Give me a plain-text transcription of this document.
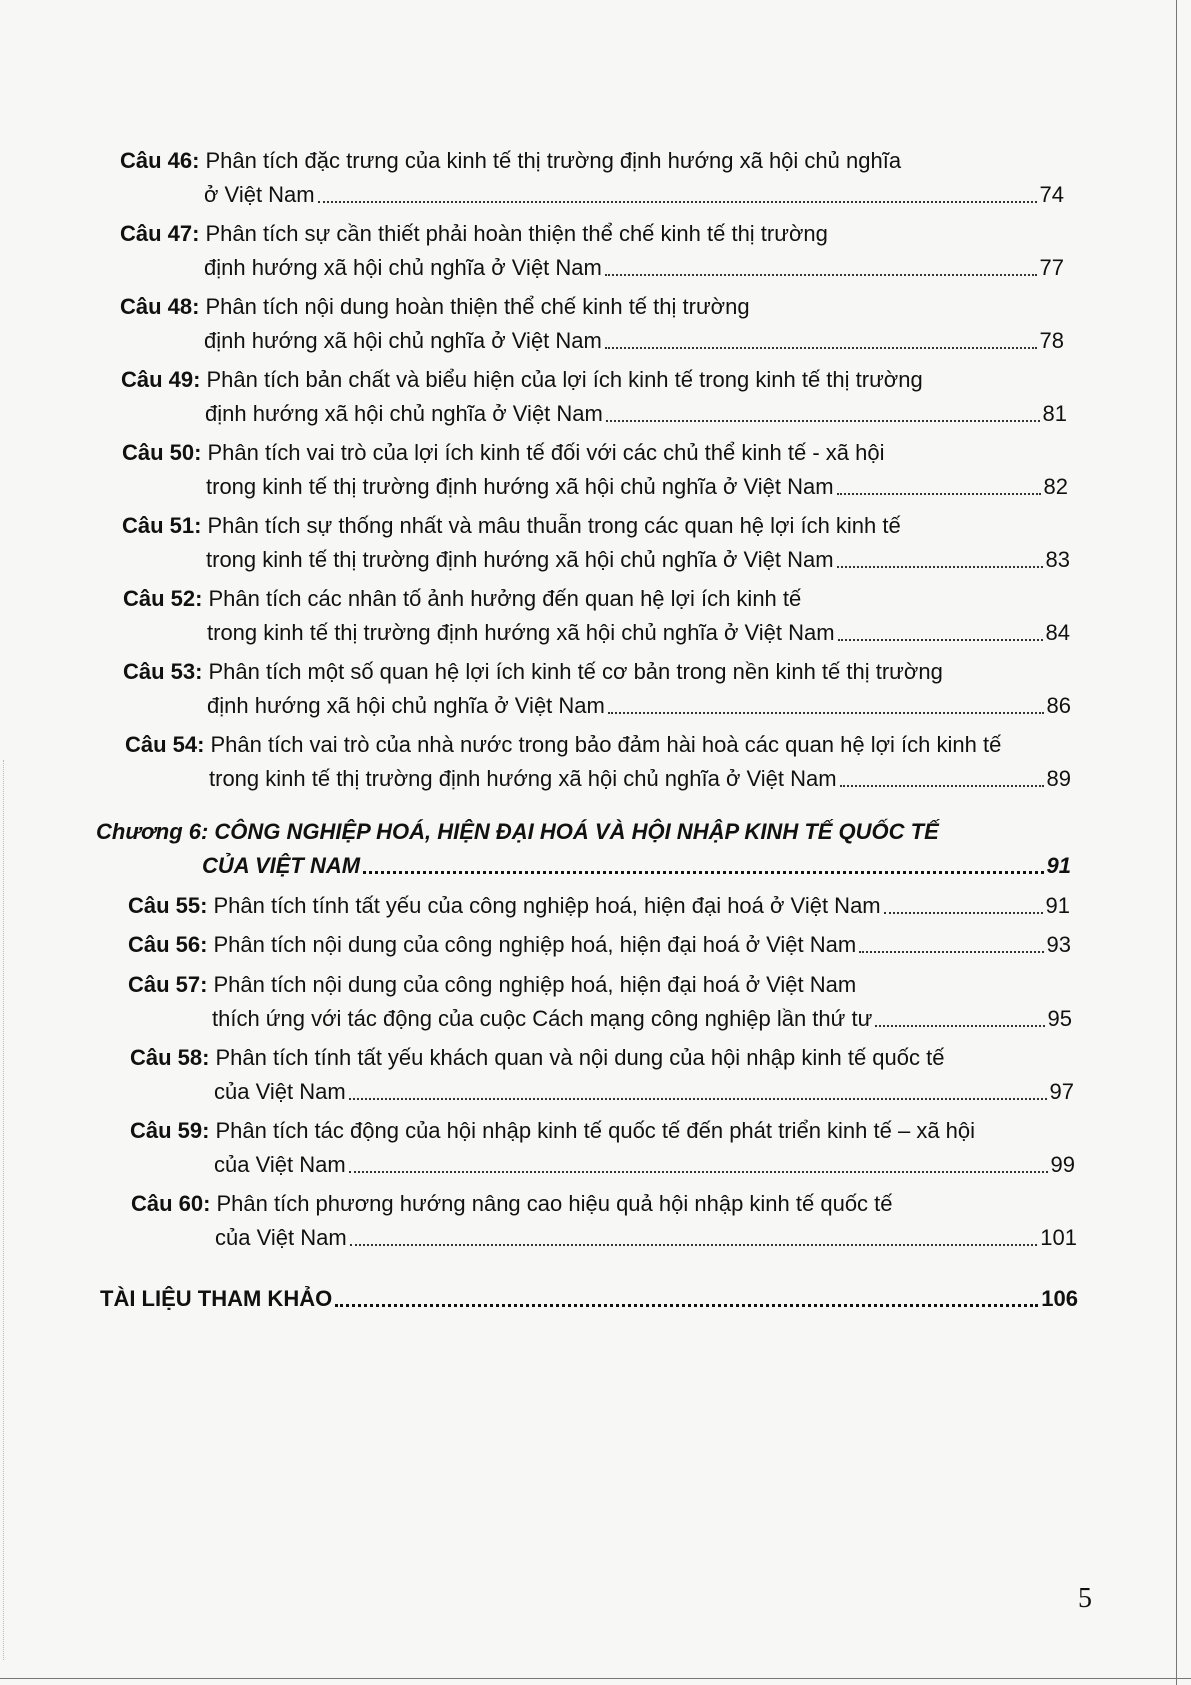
Câu 46: Phân tích đặc trưng của kinh tế thị trường định hướng xã hội chủ nghĩa
ở Việt Nam	74
Câu 47: Phân tích sự cần thiết phải hoàn thiện thể chế kinh tế thị trường
định hướng xã hội chủ nghĩa ở Việt Nam	77
Câu 48: Phân tích nội dung hoàn thiện thể chế kinh tế thị trường
định hướng xã hội chủ nghĩa ở Việt Nam	78
Câu 49: Phân tích bản chất và biểu hiện của lợi ích kinh tế trong kinh tế thị trường
định hướng xã hội chủ nghĩa ở Việt Nam	81
Câu 50: Phân tích vai trò của lợi ích kinh tế đối với các chủ thể kinh tế - xã hội
trong kinh tế thị trường định hướng xã hội chủ nghĩa ở Việt Nam	82
Câu 51: Phân tích sự thống nhất và mâu thuẫn trong các quan hệ lợi ích kinh tế
trong kinh tế thị trường định hướng xã hội chủ nghĩa ở Việt Nam	83
Câu 52: Phân tích các nhân tố ảnh hưởng đến quan hệ lợi ích kinh tế
trong kinh tế thị trường định hướng xã hội chủ nghĩa ở Việt Nam	84
Câu 53: Phân tích một số quan hệ lợi ích kinh tế cơ bản trong nền kinh tế thị trường
định hướng xã hội chủ nghĩa ở Việt Nam	86
Câu 54: Phân tích vai trò của nhà nước trong bảo đảm hài hoà các quan hệ lợi ích kinh tế
trong kinh tế thị trường định hướng xã hội chủ nghĩa ở Việt Nam	89
Chương 6: CÔNG NGHIỆP HOÁ, HIỆN ĐẠI HOÁ VÀ HỘI NHẬP KINH TẾ QUỐC TẾ
CỦA VIỆT NAM	91
Câu 55: Phân tích tính tất yếu của công nghiệp hoá, hiện đại hoá ở Việt Nam	91
Câu 56: Phân tích nội dung của công nghiệp hoá, hiện đại hoá ở Việt Nam	93
Câu 57: Phân tích nội dung của công nghiệp hoá, hiện đại hoá ở Việt Nam
thích ứng với tác động của cuộc Cách mạng công nghiệp lần thứ tư	95
Câu 58: Phân tích tính tất yếu khách quan và nội dung của hội nhập kinh tế quốc tế
của Việt Nam	97
Câu 59: Phân tích tác động của hội nhập kinh tế quốc tế đến phát triển kinh tế – xã hội
của Việt Nam	99
Câu 60: Phân tích phương hướng nâng cao hiệu quả hội nhập kinh tế quốc tế
của Việt Nam	101
TÀI LIỆU THAM KHẢO	106
5
